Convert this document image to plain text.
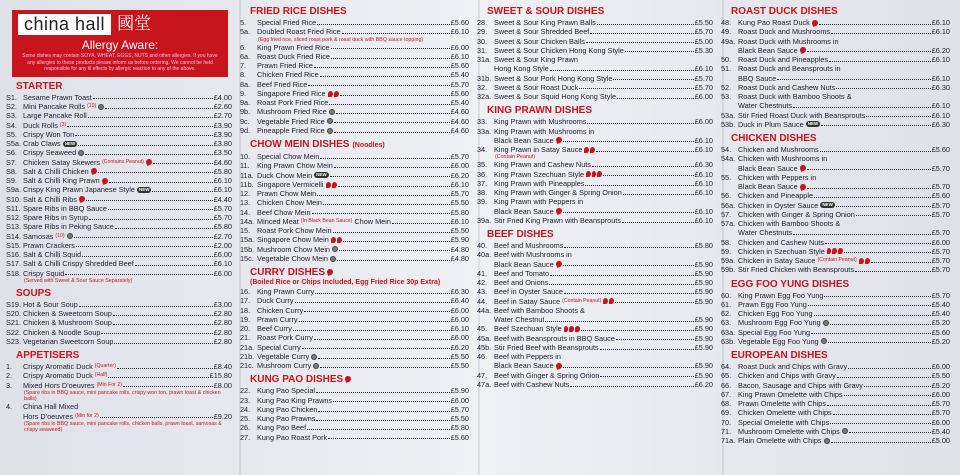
china hall 國堂
Allergy Aware:
Some dishes may contain SOYA, WHEAT, EGGS, NUTS and other allergies. If you have any allergies to these products please inform us before ordering. We cannot be held responsible for any ill effects by allergic reaction to any of the above.
STARTER
S1. Sesame Prawn Toast	£4.00
S2. Mini Pancake Rolls (10)	£2.60
S3. Large Pancake Roll	£2.70
S4. Duck Rolls (3)	£3.90
S5. Crispy Won Ton	£3.90
S5a. Crab Claws NEW	£3.80
S6. Crispy Seaweed	£3.50
S7. Chicken Satay Skewers (Contains Peanut)	£4.60
S8. Salt & Chilli Chicken	£5.80
S9. Salt & Chilli King Prawn	£6.10
S9a. Crispy King Prawn Japanese Style NEW	£6.10
S10. Salt & Chilli Ribs	£4.40
S11. Spare Ribs in BBQ Sauce	£5.70
S12. Spare Ribs in Syrup	£5.70
S13. Spare Ribs in Peking Sauce	£5.80
S14. Samosas (10)	£2.70
S15. Prawn Crackers	£2.00
S16. Salt & Chilli Squid	£6.00
S17. Salt & Chilli Crispy Shredded Beef	£6.10
S18. Crispy Squid	£6.00
(Served with Sweet & Sour Sauce Separately)
SOUPS
S19. Hot & Sour Soup	£3.00
S20. Chicken & Sweetcorn Soup	£2.80
S21. Chicken & Mushroom Soup	£2.80
S22. Chicken & Noodle Soup	£2.80
S23. Vegetarian Sweetcorn Soup	£2.80
APPETISERS
1.	Crispy Aromatic Duck (Quarter)	£8.40
2.	Crispy Aromatic Duck (Half)	£15.80
3.	Mixed Hors D'oeuvres (Min For 2)	£8.00
(Spare ribs in BBQ sauce, mini pancake rolls, crispy won ton, prawn toast & chicken balls)
4.	China Hall Mixed
Hors D'oeuvres (Min for 2)	£9.20
(Spare ribs in BBQ sauce, mini pancake rolls, chicken balls, prawn toast, samosas & crispy seaweed)
FRIED RICE DISHES
5.	Special Fried Rice	£5.60
5a. Doubled Roast Fried Rice	£6.10
(Egg fried rice, sliced roast pork & roast duck with BBQ sauce topping)
6.	King Prawn Fried Rice	£6.00
6a. Roast Duck Fried Rice	£6.10
7.	Prawn Fried Rice	£5.60
8.	Chicken Fried Rice	£5.40
8a. Beef Fried Rice	£5.70
9.	Singapore Fried Rice	£5.60
9a. Roast Pork Fried Rice	£5.40
9b. Mushroom Fried Rice	£4.60
9c. Vegetable Fried Rice	£4.60
9d. Pineapple Fried Rice	£4.60
CHOW MEIN DISHES (Noodles)
10. Special Chow Mein	£5.70
11.	King Prawn Chow Mein	£6.00
11a. Duck Chow Mein NEW	£6.20
11b. Singapore Vermicelli	£6.10
12. Prawn Chow Mein	£5.70
13. Chicken Chow Mein	£5.50
14. Beef Chow Mein	£5.80
14a. Minced Meat (In Black Bean Sauce) Chow Mein	£6.10
15. Roast Pork Chow Mein	£5.50
15a. Singapore Chow Mein	£5.90
15b. Mushroom Chow Mein	£4.80
15c. Vegetable Chow Mein	£4.80
CURRY DISHES
(Boiled Rice or Chips Included, Egg Fried Rice 30p Extra)
16. King Prawn Curry	£6.30
17. Duck Curry	£6.40
18. Chicken Curry	£6.00
19. Prawn Curry	£6.00
20. Beef Curry	£6.10
21. Roast Pork Curry	£6.00
21a. Special Curry	£6.20
21b. Vegetable Curry	£5.50
21c. Mushroom Curry	£5.50
KUNG PAO DISHES
22. Kung Pao Special	£5.90
23. Kung Pao King Prawns	£6.00
24. Kung Pao Chicken	£5.70
25. Kung Pao Prawns	£5.50
26. Kung Pao Beef	£5.80
27. Kung Pao Roast Pork	£5.60
SWEET & SOUR DISHES
28. Sweet & Sour King Prawn Balls	£5.50
29. Sweet & Sour Shredded Beef	£5.70
30. Sweet & Sour Chicken Balls	£5.00
31. Sweet & Sour Chicken Hong Kong Style	£5.30
31a. Sweet & Sour King Prawn
Hong Kong Style	£6.10
31b. Sweet & Sour Pork Hong Kong Style	£5.70
32. Sweet & Sour Roast Duck	£5.70
32a. Sweet & Sour Squid Hong Kong Style	£6.00
KING PRAWN DISHES
33. King Prawn with Mushrooms	£6.00
33a. King Prawn with Mushrooms in
Black Bean Sauce	£6.10
34. King Prawn in Satay Sauce	£6.10
(Contain Peanut)
35. King Prawn and Cashew Nuts	£6.30
36. King Prawn Szechuan Style	£6.10
37. King Prawn with Pineapples	£6.10
38. King Prawn with Ginger & Spring Onion	£6.10
39. King Prawn with Peppers in
Black Bean Sauce	£6.10
39a. Stir Fried King Prawn with Beansprouts	£6.10
BEEF DISHES
40. Beef and Mushrooms	£5.80
40a. Beef with Mushrooms in
Black Bean Sauce	£5.90
41. Beef and Tomato	£5.90
42. Beef and Onions	£5.90
43. Beef in Oyster Sauce	£5.90
44. Beef in Satay Sauce (Contain Peanut)	£5.90
44a. Beef with Bamboo Shoots &
Water Chestnut	£5.90
45. Beef Szechuan Style	£5.90
45a. Beef with Beansprouts in BBQ Sauce	£5.90
45b. Stir Fried Beef with Beansprouts	£5.90
46. Beef with Peppers in
Black Bean Sauce	£5.90
47. Beef with Ginger & Spring Onion	£5.90
47a. Beef with Cashew Nuts	£6.20
ROAST DUCK DISHES
48. Kung Pao Roast Duck	£6.10
49. Roast Duck and Mushrooms	£6.10
49a. Roast Duck with Mushrooms in
Black Bean Sauce	£6.20
50. Roast Duck and Pineapples	£6.10
51. Roast Duck and Beansprouts in
BBQ Sauce	£6.10
52. Roast Duck and Cashew Nuts	£6.30
53. Roast Duck with Bamboo Shoots &
Water Chestnuts	£6.10
53a. Stir Fried Roast Duck with Beansprouts	£6.10
53b. Duck in Plum Sauce NEW	£6.30
CHICKEN DISHES
54. Chicken and Mushrooms	£5.60
54a. Chicken with Mushrooms in
Black Bean Sauce	£5.70
55. Chicken with Peppers in
Black Bean Sauce	£5.70
56. Chicken and Pineapple	£5.60
56a. Chicken in Oyster Sauce NEW	£5.70
57. Chicken with Ginger & Spring Onion	£5.70
57a. Chicken with Bamboo Shoots &
Water Chestnuts	£5.70
58. Chicken and Cashew Nuts	£6.00
59. Chicken in Szechuan Style	£5.70
59a. Chicken in Satay Sauce (Contain Peanut)	£5.70
59b. Stir Fried Chicken with Beansprouts	£5.70
EGG FOO YUNG DISHES
60. King Prawn Egg Foo Yung	£5.70
61. Prawn Egg Foo Yung	£5.40
62. Chicken Egg Foo Yung	£5.40
63. Mushroom Egg Foo Yung	£5.20
63a. Special Egg Foo Yung	£5.60
63b. Vegetable Egg Foo Yung	£5.20
EUROPEAN DISHES
64. Roast Duck and Chips with Gravy	£6.00
65. Chicken and Chips with Gravy	£5.50
66. Bacon, Sausage and Chips with Gravy	£5.20
67. King Prawn Omelette with Chips	£6.00
68. Prawn Omelette with Chips	£5.70
69. Chicken Omelette with Chips	£5.70
70. Special Omelette with Chips	£6.00
71. Mushroom Omelette with Chips	£5.40
71a. Plain Omelette with Chips	£5.00
